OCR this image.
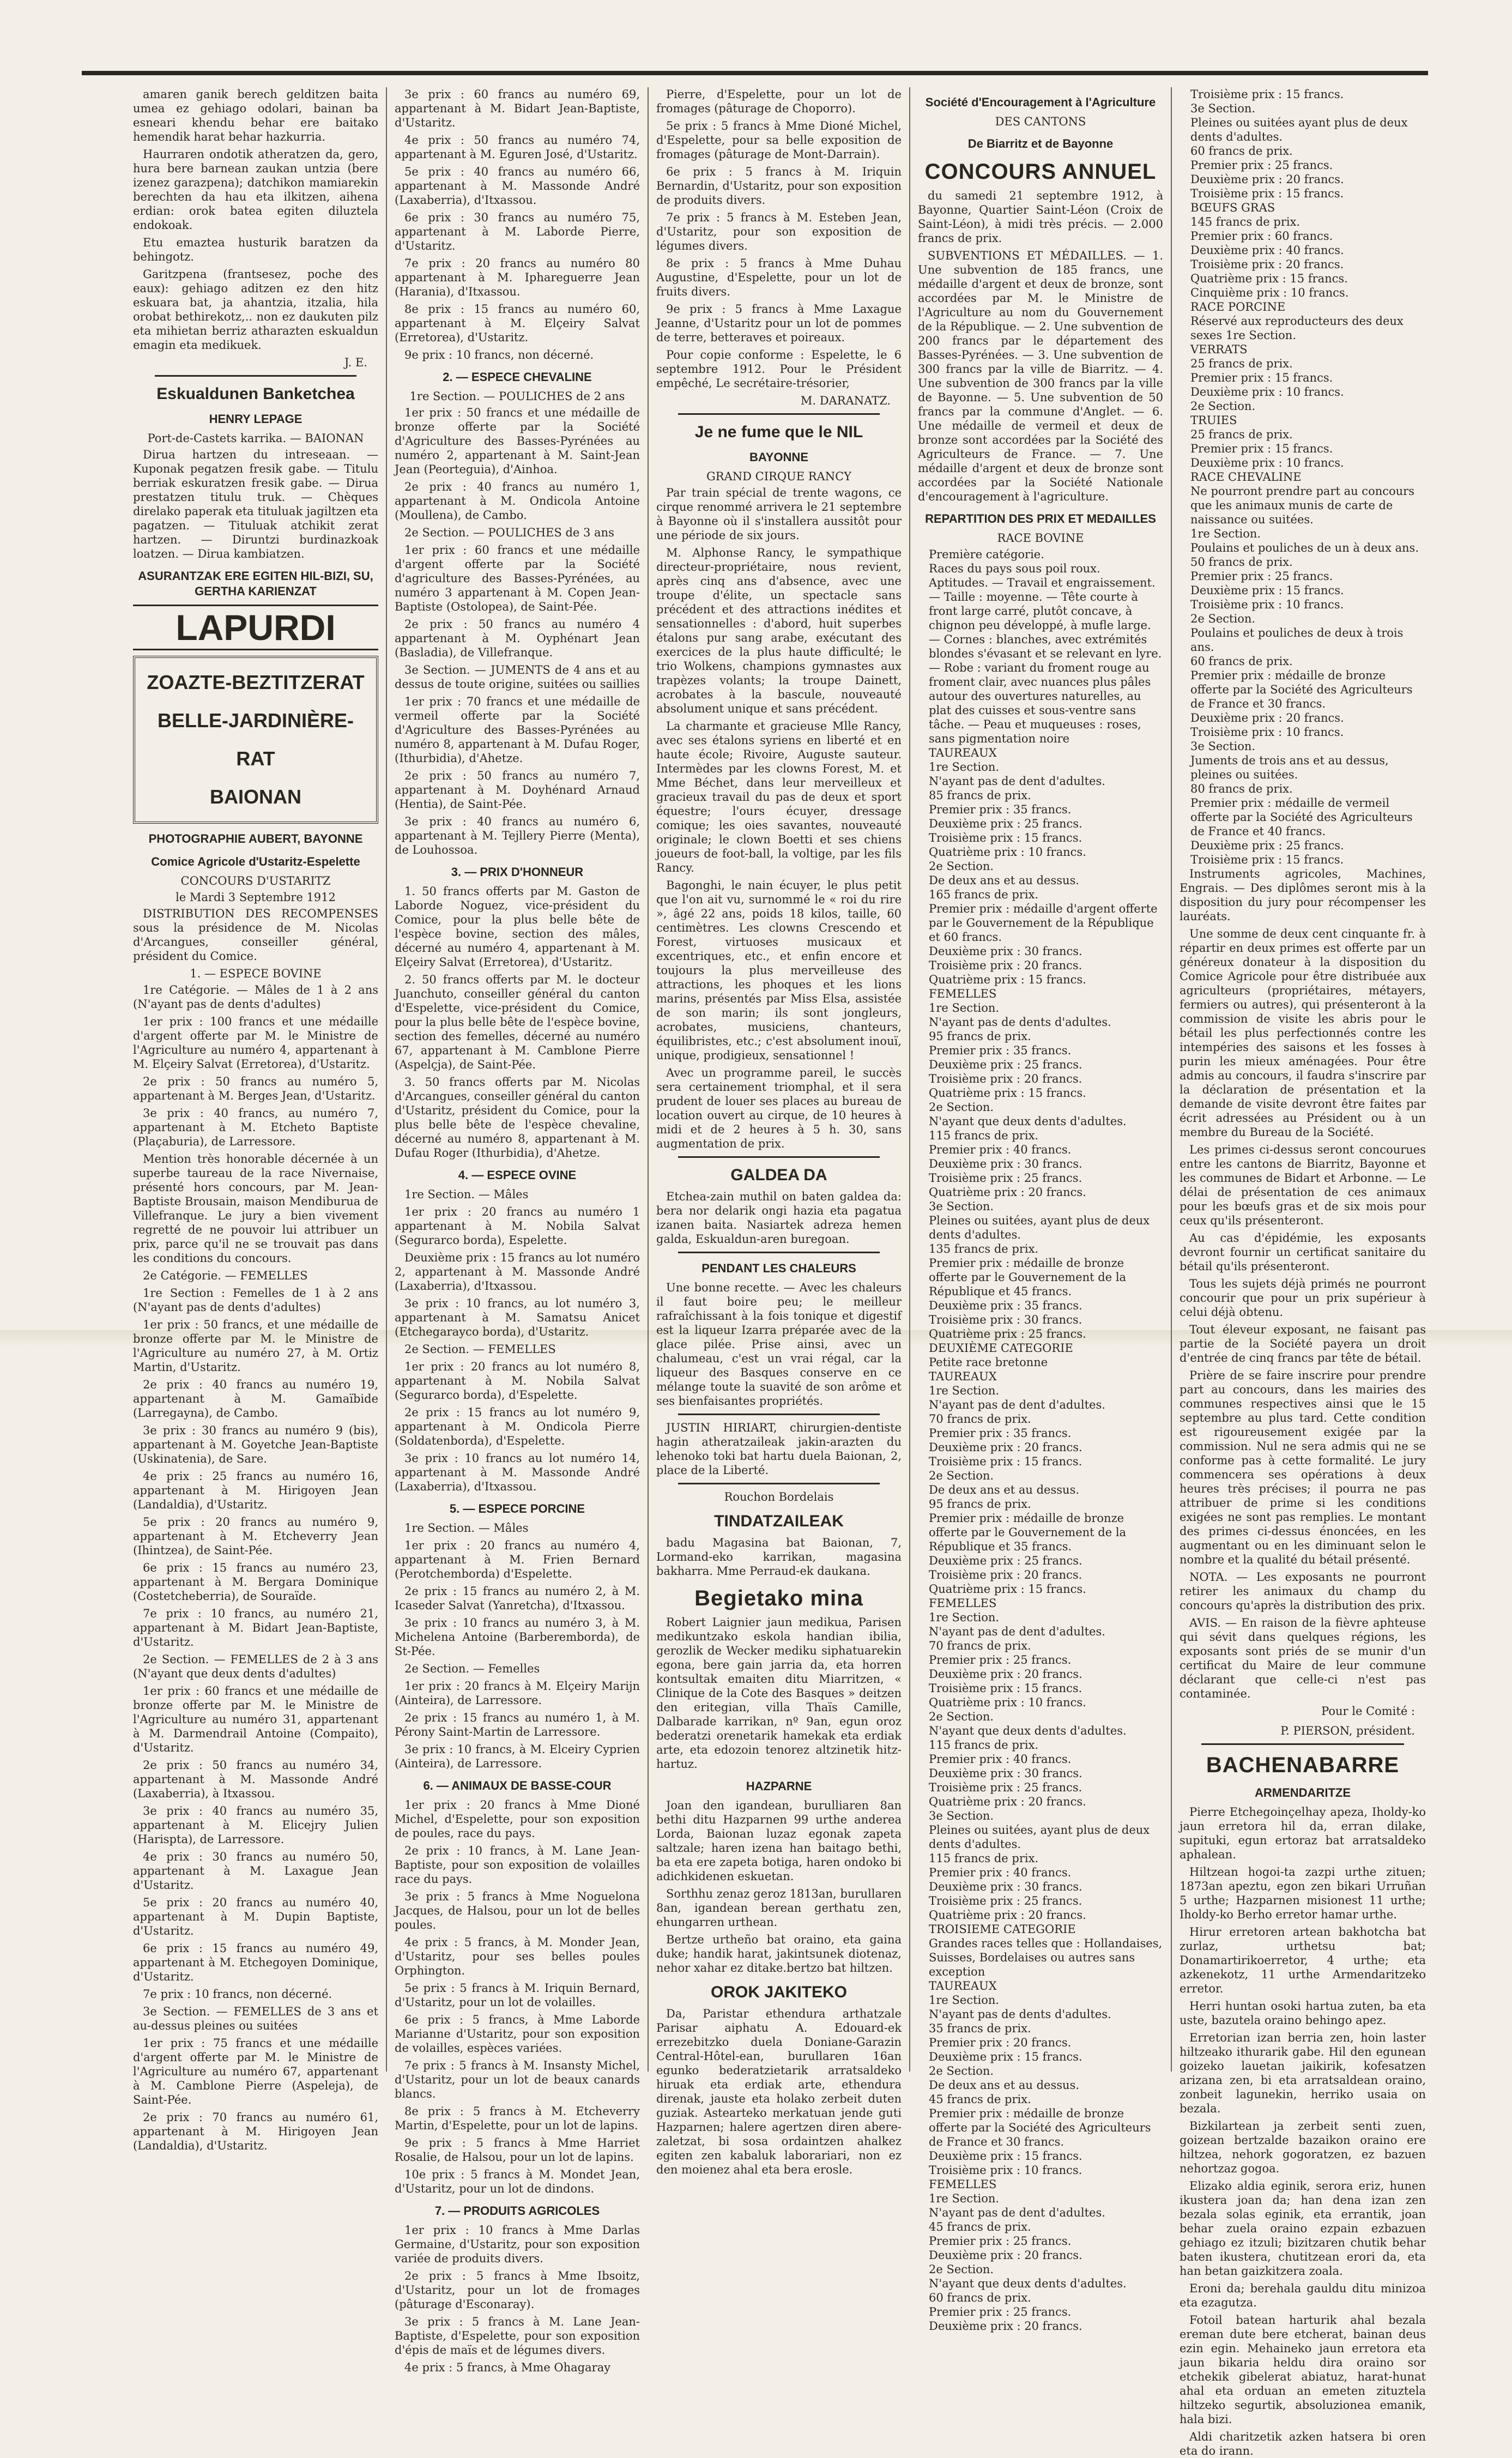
amaren ganik berech gelditzen baita umea ez gehiago odolari, bainan ba esneari khendu behar ere baitako hemendik harat behar hazkurria.

Haurraren ondotik atheratzen da, gero, hura bere barnean zaukan untzia (bere izenez garazpena); datchikon mamiarekin berechten da hau eta ilkitzen, aihena erdian: orok batea egiten diluztela endokoak.

Etu emaztea husturik baratzen da behingotz.

Garitzpena (frantsesez, poche des eaux): gehiago aditzen ez den hitz eskuara bat, ja ahantzia, itzalia, hila orobat bethirekotz,.. non ez daukuten pilz eta mihietan berriz atharazten eskualdun emagin eta medikuek.

J. E.
Eskualdunen Banketchea
HENRY LEPAGE
Port-de-Castets karrika. — BAIONAN

Dirua hartzen du intreseaan. — Kuponak pegatzen fresik gabe. — Titulu berriak eskuratzen fresik gabe. — Dirua prestatzen titulu truk. — Chèques direlako paperak eta tituluak jagiltzen eta pagatzen. — Tituluak atchikit zerat hartzen. — Diruntzi burdinazkoak loatzen. — Dirua kambiatzen.

ASURANTZAK ERE EGITEN HIL-BIZI, SU, GERTHA KARIENZAT
LAPURDI
ZOAZTE-BEZTITZERAT
BELLE-JARDINIÈRE-RAT
BAIONAN
PHOTOGRAPHIE AUBERT, BAYONNE
Comice Agricole d'Ustaritz-Espelette
CONCOURS D'USTARITZ
le Mardi 3 Septembre 1912

DISTRIBUTION DES RECOMPENSES sous la présidence de M. Nicolas d'Arcangues, conseiller général, président du Comice.

1. — ESPECE BOVINE

1re Catégorie. — Mâles de 1 à 2 ans (N'ayant pas de dents d'adultes)

1er prix : 100 francs et une médaille d'argent offerte par M. le Ministre de l'Agriculture au numéro 4, appartenant à M. Elçeiry Salvat (Erretorea), d'Ustaritz.

2e prix : 50 francs au numéro 5, appartenant à M. Berges Jean, d'Ustaritz.

3e prix : 40 francs, au numéro 7, appartenant à M. Etcheto Baptiste (Plaçaburia), de Larressore.

Mention très honorable décernée à un superbe taureau de la race Nivernaise, présenté hors concours, par M. Jean-Baptiste Brousain, maison Mendiburua de Villefranque. Le jury a bien vivement regretté de ne pouvoir lui attribuer un prix, parce qu'il ne se trouvait pas dans les conditions du concours.

2e Catégorie. — FEMELLES

1re Section : Femelles de 1 à 2 ans (N'ayant pas de dents d'adultes)

1er prix : 50 francs, et une médaille de bronze offerte par M. le Ministre de l'Agriculture au numéro 27, à M. Ortiz Martin, d'Ustaritz.

2e prix : 40 francs au numéro 19, appartenant à M. Gamaïbide (Larregayna), de Cambo.

3e prix : 30 francs au numéro 9 (bis), appartenant à M. Goyetche Jean-Baptiste (Uskinatenia), de Sare.

4e prix : 25 francs au numéro 16, appartenant à M. Hirigoyen Jean (Landaldia), d'Ustaritz.

5e prix : 20 francs au numéro 9, appartenant à M. Etcheverry Jean (Ihintzea), de Saint-Pée.

6e prix : 15 francs au numéro 23, appartenant à M. Bergara Dominique (Costetcheberria), de Souraïde.

7e prix : 10 francs, au numéro 21, appartenant à M. Bidart Jean-Baptiste, d'Ustaritz.

2e Section. — FEMELLES de 2 à 3 ans (N'ayant que deux dents d'adultes)

1er prix : 60 francs et une médaille de bronze offerte par M. le Ministre de l'Agriculture au numéro 31, appartenant à M. Darmendrail Antoine (Compaito), d'Ustaritz.

2e prix : 50 francs au numéro 34, appartenant à M. Massonde André (Laxaberria), à Itxassou.

3e prix : 40 francs au numéro 35, appartenant à M. Elicejry Julien (Harispta), de Larressore.

4e prix : 30 francs au numéro 50, appartenant à M. Laxague Jean d'Ustaritz.

5e prix : 20 francs au numéro 40, appartenant à M. Dupin Baptiste, d'Ustaritz.

6e prix : 15 francs au numéro 49, appartenant à M. Etchegoyen Dominique, d'Ustaritz.

7e prix : 10 francs, non décerné.

3e Section. — FEMELLES de 3 ans et au-dessus pleines ou suitées

1er prix : 75 francs et une médaille d'argent offerte par M. le Ministre de l'Agriculture au numéro 67, appartenant à M. Camblone Pierre (Aspeleja), de Saint-Pée.

2e prix : 70 francs au numéro 61, appartenant à M. Hirigoyen Jean (Landaldia), d'Ustaritz.

3e prix : 60 francs au numéro 69, appartenant à M. Bidart Jean-Baptiste, d'Ustaritz.

4e prix : 50 francs au numéro 74, appartenant à M. Eguren José, d'Ustaritz.

5e prix : 40 francs au numéro 66, appartenant à M. Massonde André (Laxaberria), d'Itxassou.

6e prix : 30 francs au numéro 75, appartenant à M. Laborde Pierre, d'Ustaritz.

7e prix : 20 francs au numéro 80 appartenant à M. Iphareguerre Jean (Harania), d'Itxassou.

8e prix : 15 francs au numéro 60, appartenant à M. Elçeiry Salvat (Erretorea), d'Ustaritz.

9e prix : 10 francs, non décerné.

2. — ESPECE CHEVALINE
1re Section. — POULICHES de 2 ans

1er prix : 50 francs et une médaille de bronze offerte par la Société d'Agriculture des Basses-Pyrénées au numéro 2, appartenant à M. Saint-Jean Jean (Peorteguia), d'Ainhoa.

2e prix : 40 francs au numéro 1, appartenant à M. Ondicola Antoine (Moullena), de Cambo.

2e Section. — POULICHES de 3 ans

1er prix : 60 francs et une médaille d'argent offerte par la Société d'agriculture des Basses-Pyrénées, au numéro 3 appartenant à M. Copen Jean-Baptiste (Ostolopea), de Saint-Pée.

2e prix : 50 francs au numéro 4 appartenant à M. Oyphénart Jean (Basladia), de Villefranque.

3e Section. — JUMENTS de 4 ans et au dessus de toute origine, suitées ou saillies

1er prix : 70 francs et une médaille de vermeil offerte par la Société d'Agriculture des Basses-Pyrénées au numéro 8, appartenant à M. Dufau Roger, (Ithurbidia), d'Ahetze.

2e prix : 50 francs au numéro 7, appartenant à M. Doyhénard Arnaud (Hentia), de Saint-Pée.

3e prix : 40 francs au numéro 6, appartenant à M. Tejllery Pierre (Menta), de Louhossoa.

3. — PRIX D'HONNEUR

1. 50 francs offerts par M. Gaston de Laborde Noguez, vice-président du Comice, pour la plus belle bête de l'espèce bovine, section des mâles, décerné au numéro 4, appartenant à M. Elçeiry Salvat (Erretorea), d'Ustaritz.

2. 50 francs offerts par M. le docteur Juanchuto, conseiller général du canton d'Espelette, vice-président du Comice, pour la plus belle bête de l'espèce bovine, section des femelles, décerné au numéro 67, appartenant à M. Camblone Pierre (Aspelçja), de Saint-Pée.

3. 50 francs offerts par M. Nicolas d'Arcangues, conseiller général du canton d'Ustaritz, président du Comice, pour la plus belle bête de l'espèce chevaline, décerné au numéro 8, appartenant à M. Dufau Roger (Ithurbidia), d'Ahetze.

4. — ESPECE OVINE

1re Section. — Mâles

1er prix : 20 francs au numéro 1 appartenant à M. Nobila Salvat (Segurarco borda), Espelette.

Deuxième prix : 15 francs au lot numéro 2, appartenant à M. Massonde André (Laxaberria), d'Itxassou.

3e prix : 10 francs, au lot numéro 3, appartenant à M. Samatsu Anicet (Etchegarayco borda), d'Ustaritz.

2e Section. — FEMELLES

1er prix : 20 francs au lot numéro 8, appartenant à M. Nobila Salvat (Segurarco borda), d'Espelette.

2e prix : 15 francs au lot numéro 9, appartenant à M. Ondicola Pierre (Soldatenborda), d'Espelette.

3e prix : 10 francs au lot numéro 14, appartenant à M. Massonde André (Laxaberria), d'Itxassou.

5. — ESPECE PORCINE

1re Section. — Mâles

1er prix : 20 francs au numéro 4, appartenant à M. Frien Bernard (Perotchemborda) d'Espelette.

2e prix : 15 francs au numéro 2, à M. Icaseder Salvat (Yanretcha), d'Itxassou.

3e prix : 10 francs au numéro 3, à M. Michelena Antoine (Barberemborda), de St-Pée.

2e Section. — Femelles

1er prix : 20 francs à M. Elçeiry Marijn (Ainteira), de Larressore.

2e prix : 15 francs au numéro 1, à M. Pérony Saint-Martin de Larressore.

3e prix : 10 francs, à M. Elceiry Cyprien (Ainteira), de Larressore.

6. — ANIMAUX DE BASSE-COUR

1er prix : 20 francs à Mme Dioné Michel, d'Espelette, pour son exposition de poules, race du pays.

2e prix : 10 francs, à M. Lane Jean-Baptiste, pour son exposition de volailles race du pays.

3e prix : 5 francs à Mme Noguelona Jacques, de Halsou, pour un lot de belles poules.

4e prix : 5 francs, à M. Monder Jean, d'Ustaritz, pour ses belles poules Orphington.

5e prix : 5 francs à M. Iriquin Bernard, d'Ustaritz, pour un lot de volailles.

6e prix : 5 francs, à Mme Laborde Marianne d'Ustaritz, pour son exposition de volailles, espèces variées.

7e prix : 5 francs à M. Insansty Michel, d'Ustaritz, pour un lot de beaux canards blancs.

8e prix : 5 francs à M. Etcheverry Martin, d'Espelette, pour un lot de lapins.

9e prix : 5 francs à Mme Harriet Rosalie, de Halsou, pour un lot de lapins.

10e prix : 5 francs à M. Mondet Jean, d'Ustaritz, pour un lot de dindons.

7. — PRODUITS AGRICOLES

1er prix : 10 francs à Mme Darlas Germaine, d'Ustaritz, pour son exposition variée de produits divers.

2e prix : 5 francs à Mme Ibsoitz, d'Ustaritz, pour un lot de fromages (pâturage d'Esconaray).

3e prix : 5 francs à M. Lane Jean-Baptiste, d'Espelette, pour son exposition d'épis de maïs et de légumes divers.

4e prix : 5 francs, à Mme Ohagaray

Pierre, d'Espelette, pour un lot de fromages (pâturage de Choporro).

5e prix : 5 francs à Mme Dioné Michel, d'Espelette, pour sa belle exposition de fromages (pâturage de Mont-Darrain).

6e prix : 5 francs à M. Iriquin Bernardin, d'Ustaritz, pour son exposition de produits divers.

7e prix : 5 francs à M. Esteben Jean, d'Ustaritz, pour son exposition de légumes divers.

8e prix : 5 francs à Mme Duhau Augustine, d'Espelette, pour un lot de fruits divers.

9e prix : 5 francs à Mme Laxague Jeanne, d'Ustaritz pour un lot de pommes de terre, betteraves et poireaux.

Pour copie conforme : Espelette, le 6 septembre 1912. Pour le Président empêché, Le secrétaire-trésorier,

M. DARANATZ.
Je ne fume que le NIL
BAYONNE
GRAND CIRQUE RANCY

Par train spécial de trente wagons, ce cirque renommé arrivera le 21 septembre à Bayonne où il s'installera aussitôt pour une période de six jours.

M. Alphonse Rancy, le sympathique directeur-propriétaire, nous revient, après cinq ans d'absence, avec une troupe d'élite, un spectacle sans précédent et des attractions inédites et sensationnelles : d'abord, huit superbes étalons pur sang arabe, exécutant des exercices de la plus haute difficulté; le trio Wolkens, champions gymnastes aux trapèzes volants; la troupe Dainett, acrobates à la bascule, nouveauté absolument unique et sans précédent.

La charmante et gracieuse Mlle Rancy, avec ses étalons syriens en liberté et en haute école; Rivoire, Auguste sauteur. Intermèdes par les clowns Forest, M. et Mme Béchet, dans leur merveilleux et gracieux travail du pas de deux et sport équestre; l'ours écuyer, dressage comique; les oies savantes, nouveauté originale; le clown Boetti et ses chiens joueurs de foot-ball, la voltige, par les fils Rancy.

Bagonghi, le nain écuyer, le plus petit que l'on ait vu, surnommé le « roi du rire », âgé 22 ans, poids 18 kilos, taille, 60 centimètres. Les clowns Crescendo et Forest, virtuoses musicaux et excentriques, etc., et enfin encore et toujours la plus merveilleuse des attractions, les phoques et les lions marins, présentés par Miss Elsa, assistée de son marin; ils sont jongleurs, acrobates, musiciens, chanteurs, équilibristes, etc.; c'est absolument inouï, unique, prodigieux, sensationnel !

Avec un programme pareil, le succès sera certainement triomphal, et il sera prudent de louer ses places au bureau de location ouvert au cirque, de 10 heures à midi et de 2 heures à 5 h. 30, sans augmentation de prix.

GALDEA DA

Etchea-zain muthil on baten galdea da: bera nor delarik ongi hazia eta pagatua izanen baita. Nasiartek adreza hemen galda, Eskualdun-aren buregoan.

PENDANT LES CHALEURS

Une bonne recette. — Avec les chaleurs il faut boire peu; le meilleur rafraîchissant à la fois tonique et digestif est la liqueur Izarra préparée avec de la glace pilée. Prise ainsi, avec un chalumeau, c'est un vrai régal, car la liqueur des Basques conserve en ce mélange toute la suavité de son arôme et ses bienfaisantes propriétés.

JUSTIN HIRIART, chirurgien-dentiste hagin atheratzaileak jakin-arazten du lehenoko toki bat hartu duela Baionan, 2, place de la Liberté.

Rouchon Bordelais
TINDATZAILEAK

badu Magasina bat Baionan, 7, Lormand-eko karrikan, magasina bakharra. Mme Perraud-ek daukana.

Begietako mina

Robert Laignier jaun medikua, Parisen medikuntzako eskola handian ibilia, gerozlik de Wecker mediku siphatuarekin egona, bere gain jarria da, eta horren kontsultak emaiten ditu Miarritzen, « Clinique de la Cote des Basques » deitzen den eritegian, villa Thaïs Camille, Dalbarade karrikan, nº 9an, egun oroz bederatzi orenetarik hamekak eta erdiak arte, eta edozoin tenorez altzinetik hitz-hartuz.

HAZPARNE

Joan den igandean, burulliaren 8an bethi ditu Hazparnen 99 urthe anderea Lorda, Baionan luzaz egonak zapeta saltzale; haren izena han baitago bethi, ba eta ere zapeta botiga, haren ondoko bi adichkidenen eskuetan.

Sorthhu zenaz geroz 1813an, burullaren 8an, igandean berean gerthatu zen, ehungarren urthean.

Bertze urtheño bat oraino, eta gaina duke; handik harat, jakintsunek diotenaz, nehor xahar ez ditake.bertzo bat hiltzen.

OROK JAKITEKO

Da, Paristar ethendura arthatzale Parisar aiphatu A. Edouard-ek errezebitzko duela Doniane-Garazin Central-Hôtel-ean, burullaren 16an egunko bederatzietarik arratsaldeko hiruak eta erdiak arte, ethendura direnak, jauste eta holako zerbeit duten guziak. Astearteko merkatuan jende guti Hazparnen; halere agertzen diren abere-zaletzat, bi sosa ordaintzen ahalkez egiten zen kabaluk laborariari, non ez den moienez ahal eta bera erosle.

Société d'Encouragement à l'Agriculture
DES CANTONS
De Biarritz et de Bayonne
CONCOURS ANNUEL

du samedi 21 septembre 1912, à Bayonne, Quartier Saint-Léon (Croix de Saint-Léon), à midi très précis. — 2.000 francs de prix.

SUBVENTIONS ET MÉDAILLES. — 1. Une subvention de 185 francs, une médaille d'argent et deux de bronze, sont accordées par M. le Ministre de l'Agriculture au nom du Gouvernement de la République. — 2. Une subvention de 200 francs par le département des Basses-Pyrénées. — 3. Une subvention de 300 francs par la ville de Biarritz. — 4. Une subvention de 300 francs par la ville de Bayonne. — 5. Une subvention de 50 francs par la commune d'Anglet. — 6. Une médaille de vermeil et deux de bronze sont accordées par la Société des Agriculteurs de France. — 7. Une médaille d'argent et deux de bronze sont accordées par la Société Nationale d'encouragement à l'agriculture.

REPARTITION DES PRIX ET MEDAILLES
RACE BOVINE
Première catégorie.
Races du pays sous poil roux. Aptitudes. — Travail et engraissement.— Taille : moyenne. — Tête courte à front large carré, plutôt concave, à chignon peu développé, à mufle large. — Cornes : blanches, avec extrémités blondes s'évasant et se relevant en lyre. — Robe : variant du froment rouge au froment clair, avec nuances plus pâles autour des ouvertures naturelles, au plat des cuisses et sous-ventre sans tâche. — Peau et muqueuses : roses, sans pigmentation noire
TAUREAUX
1re Section.
N'ayant pas de dent d'adultes.
85 francs de prix.
Premier prix : 35 francs.
Deuxième prix : 25 francs.
Troisième prix : 15 francs.
Quatrième prix : 10 francs.
2e Section.
De deux ans et au dessus.
165 francs de prix.
Premier prix : médaille d'argent offerte par le Gouvernement de la République et 60 francs.
Deuxième prix : 30 francs.
Troisième prix : 20 francs.
Quatrième prix : 15 francs.
FEMELLES
1re Section.
N'ayant pas de dents d'adultes.
95 francs de prix.
Premier prix : 35 francs.
Deuxième prix : 25 francs.
Troisième prix : 20 francs.
Quatrième prix : 15 francs.
2e Section.
N'ayant que deux dents d'adultes.
115 francs de prix.
Premier prix : 40 francs.
Deuxième prix : 30 francs.
Troisième prix : 25 francs.
Quatrième prix : 20 francs.
3e Section.
Pleines ou suitées, ayant plus de deux dents d'adultes.
135 francs de prix.
Premier prix : médaille de bronze offerte par le Gouvernement de la République et 45 francs.
Deuxième prix : 35 francs.
Troisième prix : 30 francs.
Quatrième prix : 25 francs.
DEUXIÈME CATEGORIE
Petite race bretonne
TAUREAUX
1re Section.
N'ayant pas de dent d'adultes.
70 francs de prix.
Premier prix : 35 francs.
Deuxième prix : 20 francs.
Troisième prix : 15 francs.
2e Section.
De deux ans et au dessus.
95 francs de prix.
Premier prix : médaille de bronze offerte par le Gouvernement de la République et 35 francs.
Deuxième prix : 25 francs.
Troisième prix : 20 francs.
Quatrième prix : 15 francs.
FEMELLES
1re Section.
N'ayant pas de dent d'adultes.
70 francs de prix.
Premier prix : 25 francs.
Deuxième prix : 20 francs.
Troisième prix : 15 francs.
Quatrième prix : 10 francs.
2e Section.
N'ayant que deux dents d'adultes.
115 francs de prix.
Premier prix : 40 francs.
Deuxième prix : 30 francs.
Troisième prix : 25 francs.
Quatrième prix : 20 francs.
3e Section.
Pleines ou suitées, ayant plus de deux dents d'adultes.
115 francs de prix.
Premier prix : 40 francs.
Deuxième prix : 30 francs.
Troisième prix : 25 francs.
Quatrième prix : 20 francs.
TROISIEME CATEGORIE
Grandes races telles que : Hollandaises, Suisses, Bordelaises ou autres sans exception
TAUREAUX
1re Section.
N'ayant pas de dents d'adultes.
35 francs de prix.
Premier prix : 20 francs.
Deuxième prix : 15 francs.
2e Section.
De deux ans et au dessus.
45 francs de prix.
Premier prix : médaille de bronze offerte par la Société des Agriculteurs de France et 30 francs.
Deuxième prix : 15 francs.
Troisième prix : 10 francs.
FEMELLES
1re Section.
N'ayant pas de dent d'adultes.
45 francs de prix.
Premier prix : 25 francs.
Deuxième prix : 20 francs.
2e Section.
N'ayant que deux dents d'adultes.
60 francs de prix.
Premier prix : 25 francs.
Deuxième prix : 20 francs.
Troisième prix : 15 francs.
3e Section.
Pleines ou suitées ayant plus de deux dents d'adultes.
60 francs de prix.
Premier prix : 25 francs.
Deuxième prix : 20 francs.
Troisième prix : 15 francs.
BŒUFS GRAS
145 francs de prix.
Premier prix : 60 francs.
Deuxième prix : 40 francs.
Troisième prix : 20 francs.
Quatrième prix : 15 francs.
Cinquième prix : 10 francs.
RACE PORCINE
Réservé aux reproducteurs des deux sexes 1re Section.
VERRATS
25 francs de prix.
Premier prix : 15 francs.
Deuxième prix : 10 francs.
2e Section.
TRUIES
25 francs de prix.
Premier prix : 15 francs.
Deuxième prix : 10 francs.
RACE CHEVALINE
Ne pourront prendre part au concours que les animaux munis de carte de naissance ou suitées.
1re Section.
Poulains et pouliches de un à deux ans.
50 francs de prix.
Premier prix : 25 francs.
Deuxième prix : 15 francs.
Troisième prix : 10 francs.
2e Section.
Poulains et pouliches de deux à trois ans.
60 francs de prix.
Premier prix : médaille de bronze offerte par la Société des Agriculteurs de France et 30 francs.
Deuxième prix : 20 francs.
Troisième prix : 10 francs.
3e Section.
Juments de trois ans et au dessus, pleines ou suitées.
80 francs de prix.
Premier prix : médaille de vermeil offerte par la Société des Agriculteurs de France et 40 francs.
Deuxième prix : 25 francs.
Troisième prix : 15 francs.

Instruments agricoles, Machines, Engrais. — Des diplômes seront mis à la disposition du jury pour récompenser les lauréats.

Une somme de deux cent cinquante fr. à répartir en deux primes est offerte par un généreux donateur à la disposition du Comice Agricole pour être distribuée aux agriculteurs (propriétaires, métayers, fermiers ou autres), qui présenteront à la commission de visite les abris pour le bétail les plus perfectionnés contre les intempéries des saisons et les fosses à purin les mieux aménagées. Pour être admis au concours, il faudra s'inscrire par la déclaration de présentation et la demande de visite devront être faites par écrit adressées au Président ou à un membre du Bureau de la Société.

Les primes ci-dessus seront concourues entre les cantons de Biarritz, Bayonne et les communes de Bidart et Arbonne. — Le délai de présentation de ces animaux pour les bœufs gras et de six mois pour ceux qu'ils présenteront.

Au cas d'épidémie, les exposants devront fournir un certificat sanitaire du bétail qu'ils présenteront.

Tous les sujets déjà primés ne pourront concourir que pour un prix supérieur à celui déjà obtenu.

Tout éleveur exposant, ne faisant pas partie de la Société payera un droit d'entrée de cinq francs par tête de bétail.

Prière de se faire inscrire pour prendre part au concours, dans les mairies des communes respectives ainsi que le 15 septembre au plus tard. Cette condition est rigoureusement exigée par la commission. Nul ne sera admis qui ne se conforme pas à cette formalité. Le jury commencera ses opérations à deux heures très précises; il pourra ne pas attribuer de prime si les conditions exigées ne sont pas remplies. Le montant des primes ci-dessus énoncées, en les augmentant ou en les diminuant selon le nombre et la qualité du bétail présenté.

NOTA. — Les exposants ne pourront retirer les animaux du champ du concours qu'après la distribution des prix.

AVIS. — En raison de la fièvre aphteuse qui sévit dans quelques régions, les exposants sont priés de se munir d'un certificat du Maire de leur commune déclarant que celle-ci n'est pas contaminée.

Pour le Comité :
P. PIERSON, président.
BACHENABARRE
ARMENDARITZE

Pierre Etchegoinçelhay apeza, Iholdy-ko jaun erretora hil da, erran dilake, supituki, egun ertoraz bat arratsaldeko aphalean.

Hiltzean hogoi-ta zazpi urthe zituen; 1873an apeztu, egon zen bikari Urruñan 5 urthe; Hazparnen misionest 11 urthe; Iholdy-ko Berho erretor hamar urthe.

Hirur erretoren artean bakhotcha bat zurlaz, urthetsu bat; Donamartirikoerretor, 4 urthe; eta azkenekotz, 11 urthe Armendaritzeko erretor.

Herri huntan osoki hartua zuten, ba eta uste, bazutela oraino behingo apez.

Erretorian izan berria zen, hoin laster hiltzeako ithurarik gabe. Hil den egunean goizeko lauetan jaikirik, kofesatzen arizana zen, bi eta arratsaldean oraino, zonbeit lagunekin, herriko usaia on bezala.

Bizkilartean ja zerbeit senti zuen, goizean bertzalde bazaikon oraino ere hiltzea, nehork gogoratzen, ez bazuen nehortzaz gogoa.

Elizako aldia eginik, serora eriz, hunen ikustera joan da; han dena izan zen bezala solas eginik, eta errantik, joan behar zuela oraino ezpain ezbazuen gehiago ez itzuli; bizitzaren chutik behar baten ikustera, chutitzean erori da, eta han betan gaizkitzera zoala.

Eroni da; berehala gauldu ditu minizoa eta ezagutza.

Fotoil batean harturik ahal bezala ereman dute bere etcherat, bainan deus ezin egin. Mehaineko jaun erretora eta jaun bikaria heldu dira oraino sor etchekik gibelerat abiatuz, harat-hunat ahal eta orduan an emeten zituztela hiltzeko segurtik, absoluzionea emanik, hala bizi.

Aldi charitzetik azken hatsera bi oren eta do irann.
